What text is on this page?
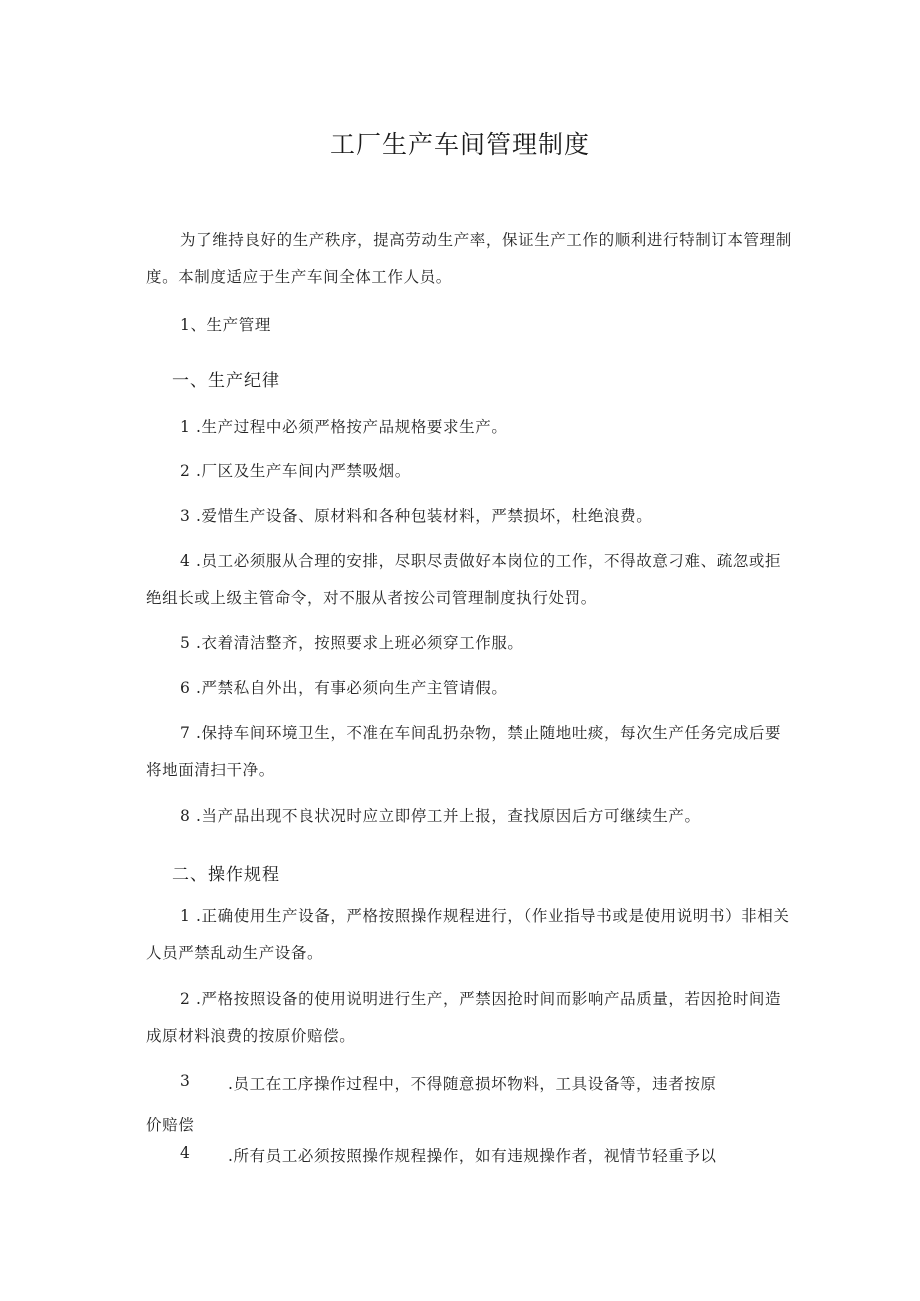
工厂生产车间管理制度
为了维持良好的生产秩序，提高劳动生产率，保证生产工作的顺利进行特制订本管理制度。本制度适应于生产车间全体工作人员。
1、生产管理
一、生产纪律
1 .生产过程中必须严格按产品规格要求生产。
2 .厂区及生产车间内严禁吸烟。
3 .爱惜生产设备、原材料和各种包装材料，严禁损坏，杜绝浪费。
4 .员工必须服从合理的安排，尽职尽责做好本岗位的工作，不得故意刁难、疏忽或拒绝组长或上级主管命令，对不服从者按公司管理制度执行处罚。
5 .衣着清洁整齐，按照要求上班必须穿工作服。
6 .严禁私自外出，有事必须向生产主管请假。
7 .保持车间环境卫生，不准在车间乱扔杂物，禁止随地吐痰，每次生产任务完成后要将地面清扫干净。
8 .当产品出现不良状况时应立即停工并上报，查找原因后方可继续生产。
二、操作规程
1 .正确使用生产设备，严格按照操作规程进行，（作业指导书或是使用说明书）非相关人员严禁乱动生产设备。
2 .严格按照设备的使用说明进行生产，严禁因抢时间而影响产品质量，若因抢时间造成原材料浪费的按原价赔偿。
3 .员工在工序操作过程中，不得随意损坏物料，工具设备等，违者按原
价赔偿
4 .所有员工必须按照操作规程操作，如有违规操作者，视情节轻重予以
